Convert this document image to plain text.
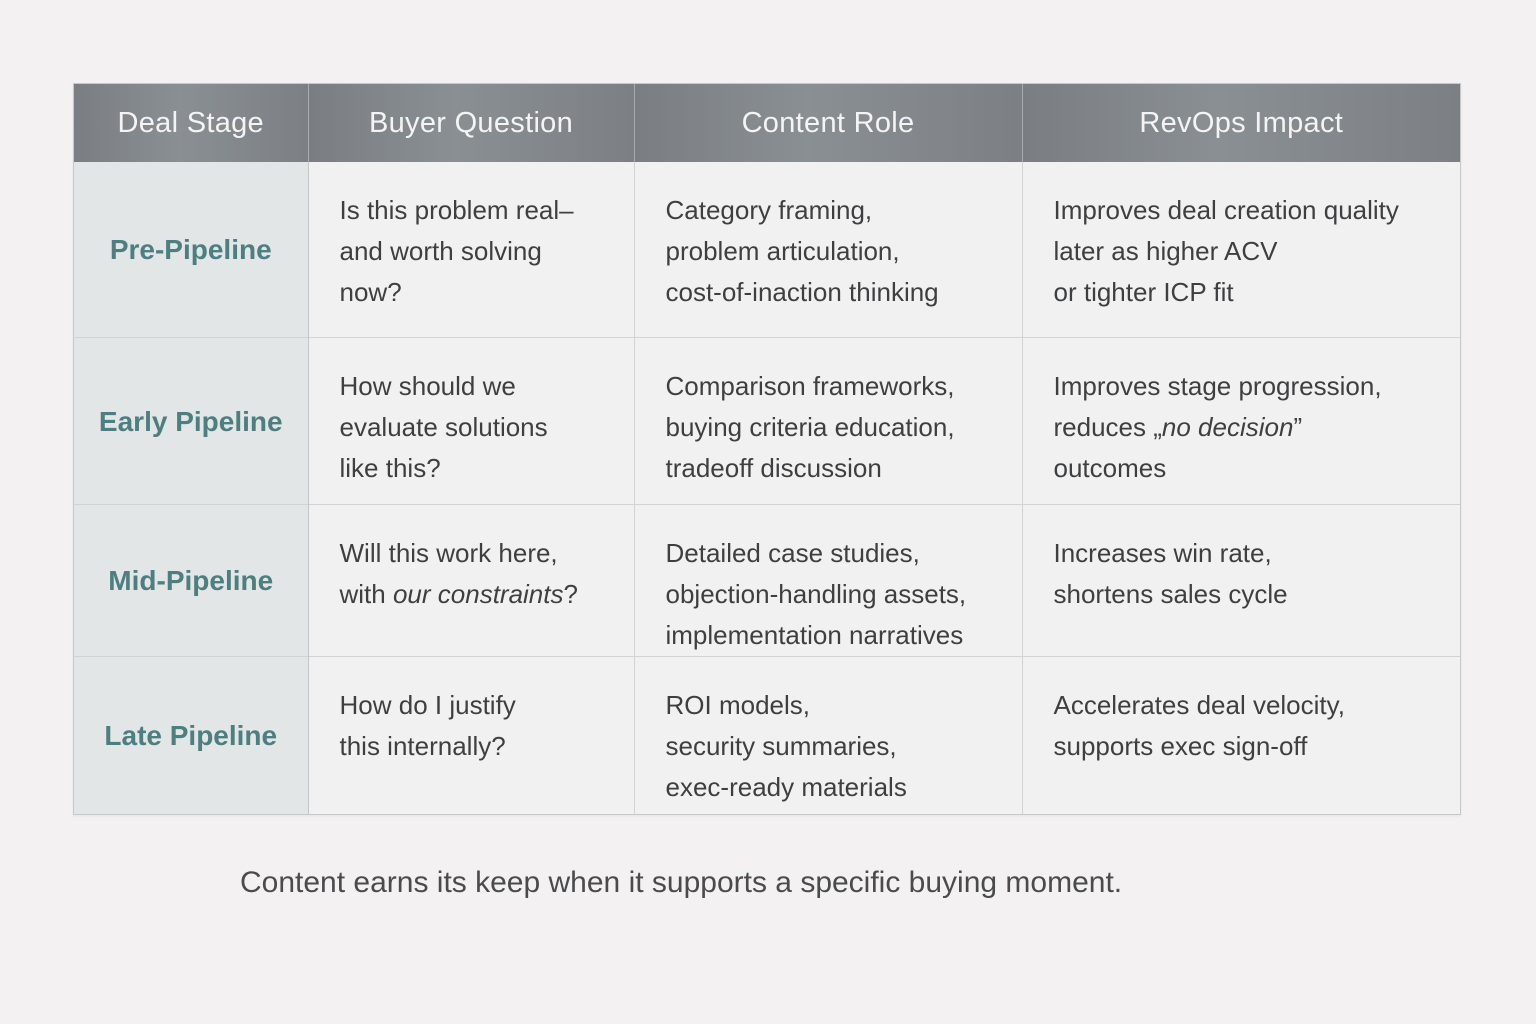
Deal Stage	Buyer Question	Content Role	RevOps Impact
Pre-Pipeline	Is this problem real–
and worth solving
now?	Category framing,
problem articulation,
cost-of-inaction thinking	Improves deal creation quality
later as higher ACV
or tighter ICP fit

Early Pipeline	How should we
evaluate solutions
like this?	Comparison frameworks,
buying criteria education,
tradeoff discussion	Improves stage progression,
reduces „no decision”
outcomes

Mid-Pipeline	Will this work here,
with our constraints?	Detailed case studies,
objection-handling assets,
implementation narratives	Increases win rate,
shortens sales cycle

Late Pipeline	How do I justify
this internally?	ROI models,
security summaries,
exec-ready materials	Accelerates deal velocity,
supports exec sign-off
Content earns its keep when it supports a specific buying moment.
